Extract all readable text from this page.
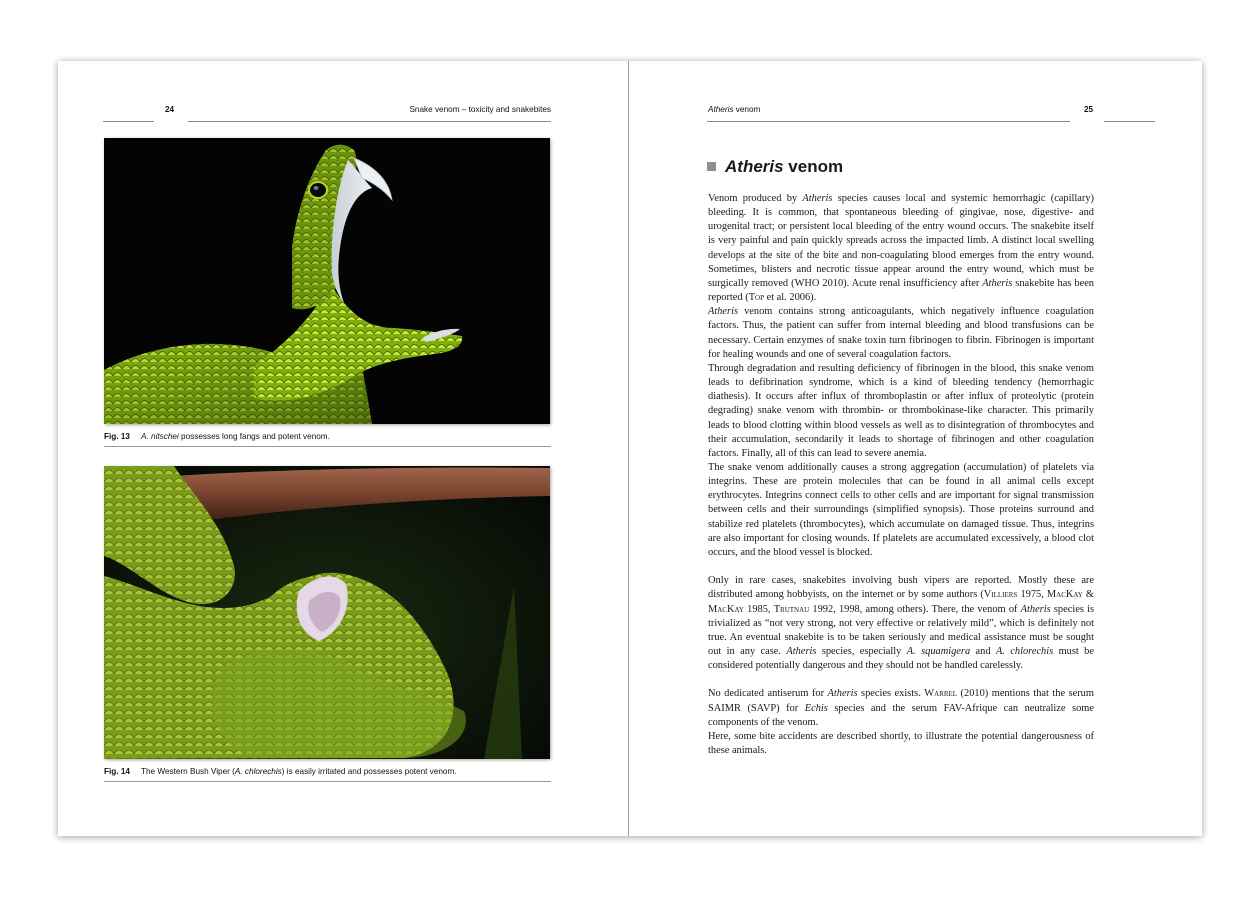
24	Snake venom – toxicity and snakebites
Fig. 13 A. nitschei possesses long fangs and potent venom.
Fig. 14 The Western Bush Viper (A. chlorechis) is easily irritated and possesses potent venom.
Atheris venom	25
Atheris venom

Venom produced by Atheris species causes local and systemic hemorrhagic (capillary) bleeding. It is common, that spontaneous bleeding of gingivae, nose, digestive- and urogenital tract; or persistent local bleeding of the entry wound occurs. The snakebite itself is very painful and pain quickly spreads across the impacted limb. A distinct local swelling develops at the site of the bite and non-coagulating blood emerges from the entry wound. Sometimes, blisters and necrotic tissue appear around the entry wound, which must be surgically removed (WHO 2010). Acute renal insufficiency after Atheris snakebite has been reported (Top et al. 2006).

Atheris venom contains strong anticoagulants, which negatively influence coagulation factors. Thus, the patient can suffer from internal bleeding and blood transfusions can be necessary. Certain enzymes of snake toxin turn fibrinogen to fibrin. Fibrinogen is important for healing wounds and one of several coagulation factors.

Through degradation and resulting deficiency of fibrinogen in the blood, this snake venom leads to defibrination syndrome, which is a kind of bleeding tendency (hemorrhagic diathesis). It occurs after influx of thromboplastin or after influx of proteolytic (protein degrading) snake venom with thrombin- or thrombokinase-like character. This primarily leads to blood clotting within blood vessels as well as to disintegration of thrombocytes and their accumulation, secondarily it leads to shortage of fibrinogen and other coagulation factors. Finally, all of this can lead to severe anemia.

The snake venom additionally causes a strong aggregation (accumulation) of platelets via integrins. These are protein molecules that can be found in all animal cells except erythrocytes. Integrins connect cells to other cells and are important for signal transmission between cells and their surroundings (simplified synopsis). Those proteins surround and stabilize red platelets (thrombocytes), which accumulate on damaged tissue. Thus, integrins are also important for closing wounds. If platelets are accumulated excessively, a blood clot occurs, and the blood vessel is blocked.

Only in rare cases, snakebites involving bush vipers are reported. Mostly these are distributed among hobbyists, on the internet or by some authors (Villiers 1975, MacKay & MacKay 1985, Trutnau 1992, 1998, among others). There, the venom of Atheris species is trivialized as “not very strong, not very effective or relatively mild”, which is definitely not true. An eventual snakebite is to be taken seriously and medical assistance must be sought out in any case. Atheris species, especially A. squamigera and A. chlorechis must be considered potentially dangerous and they should not be handled carelessly.

No dedicated antiserum for Atheris species exists. Warrel (2010) mentions that the serum SAIMR (SAVP) for Echis species and the serum FAV-Afrique can neutralize some components of the venom.

Here, some bite accidents are described shortly, to illustrate the potential dangerousness of these animals.
